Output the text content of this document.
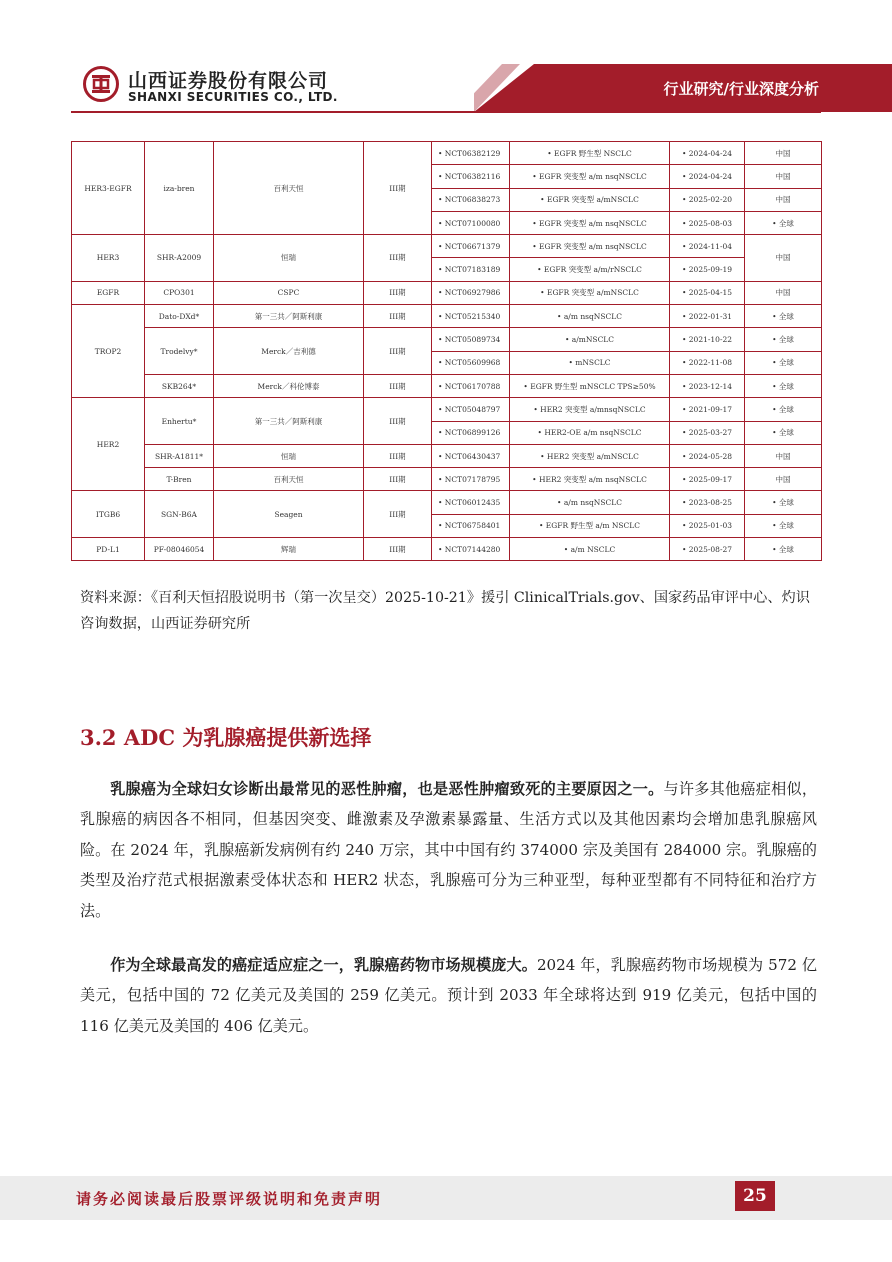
山西证券股份有限公司
SHANXI SECURITIES CO., LTD.	行业研究/行业深度分析
HER3-EGFR	iza-bren	百利天恒	III期	• NCT06382129	• EGFR 野生型 NSCLC	• 2024-04-24	中国
				• NCT06382116	• EGFR 突变型 a/m nsqNSCLC	• 2024-04-24	中国
				• NCT06838273	• EGFR 突变型 a/mNSCLC	• 2025-02-20	中国
				• NCT07100080	• EGFR 突变型 a/m nsqNSCLC	• 2025-08-03	• 全球
HER3	SHR-A2009	恒瑞	III期	• NCT06671379	• EGFR 突变型 a/m nsqNSCLC	• 2024-11-04	中国
				• NCT07183189	• EGFR 突变型 a/m/rNSCLC	• 2025-09-19	
EGFR	CPO301	CSPC	III期	• NCT06927986	• EGFR 突变型 a/mNSCLC	• 2025-04-15	中国
TROP2	Dato-DXd*	第一三共／阿斯利康	III期	• NCT05215340	• a/m nsqNSCLC	• 2022-01-31	• 全球
	Trodelvy*	Merck／吉利德	III期	• NCT05089734	• a/mNSCLC	• 2021-10-22	• 全球
				• NCT05609968	• mNSCLC	• 2022-11-08	• 全球
	SKB264*	Merck／科伦博泰	III期	• NCT06170788	• EGFR 野生型 mNSCLC TPS≥50%	• 2023-12-14	• 全球
HER2	Enhertu*	第一三共／阿斯利康	III期	• NCT05048797	• HER2 突变型 a/mnsqNSCLC	• 2021-09-17	• 全球
				• NCT06899126	• HER2-OE a/m nsqNSCLC	• 2025-03-27	• 全球
	SHR-A1811*	恒瑞	III期	• NCT06430437	• HER2 突变型 a/mNSCLC	• 2024-05-28	中国
	T-Bren	百利天恒	III期	• NCT07178795	• HER2 突变型 a/m nsqNSCLC	• 2025-09-17	中国
ITGB6	SGN-B6A	Seagen	III期	• NCT06012435	• a/m nsqNSCLC	• 2023-08-25	• 全球
				• NCT06758401	• EGFR 野生型 a/m NSCLC	• 2025-01-03	• 全球
PD-L1	PF-08046054	辉瑞	III期	• NCT07144280	• a/m NSCLC	• 2025-08-27	• 全球
资料来源：《百利天恒招股说明书（第一次呈交）2025-10-21》援引 ClinicalTrials.gov、国家药品审评中心、灼识咨询数据，山西证券研究所
3.2 ADC 为乳腺癌提供新选择

乳腺癌为全球妇女诊断出最常见的恶性肿瘤，也是恶性肿瘤致死的主要原因之一。与许多其他癌症相似，乳腺癌的病因各不相同，但基因突变、雌激素及孕激素暴露量、生活方式以及其他因素均会增加患乳腺癌风险。在 2024 年，乳腺癌新发病例有约 240 万宗，其中中国有约 374000 宗及美国有 284000 宗。乳腺癌的类型及治疗范式根据激素受体状态和 HER2 状态，乳腺癌可分为三种亚型，每种亚型都有不同特征和治疗方法。

作为全球最高发的癌症适应症之一，乳腺癌药物市场规模庞大。2024 年，乳腺癌药物市场规模为 572 亿美元，包括中国的 72 亿美元及美国的 259 亿美元。预计到 2033 年全球将达到 919 亿美元，包括中国的 116 亿美元及美国的 406 亿美元。

请务必阅读最后股票评级说明和免责声明	25
